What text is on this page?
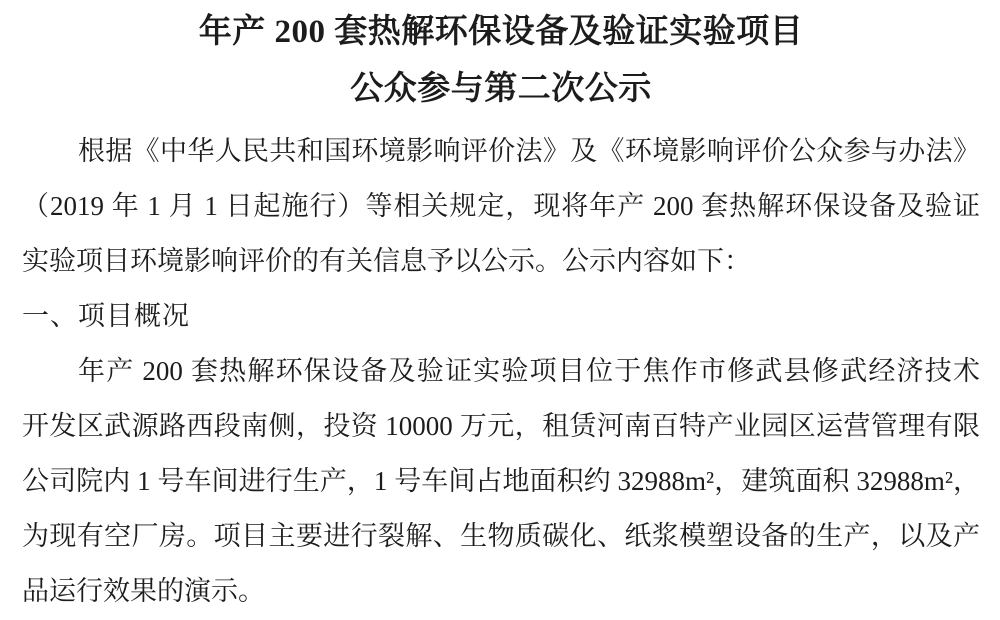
年产 200 套热解环保设备及验证实验项目
公众参与第二次公示

根据《中华人民共和国环境影响评价法》及《环境影响评价公众参与办法》

（2019 年 1 月 1 日起施行）等相关规定，现将年产 200 套热解环保设备及验证

实验项目环境影响评价的有关信息予以公示。公示内容如下：

一、项目概况

年产 200 套热解环保设备及验证实验项目位于焦作市修武县修武经济技术

开发区武源路西段南侧，投资 10000 万元，租赁河南百特产业园区运营管理有限

公司院内 1 号车间进行生产，1 号车间占地面积约 32988m²，建筑面积 32988m²，

为现有空厂房。项目主要进行裂解、生物质碳化、纸浆模塑设备的生产，以及产

品运行效果的演示。
